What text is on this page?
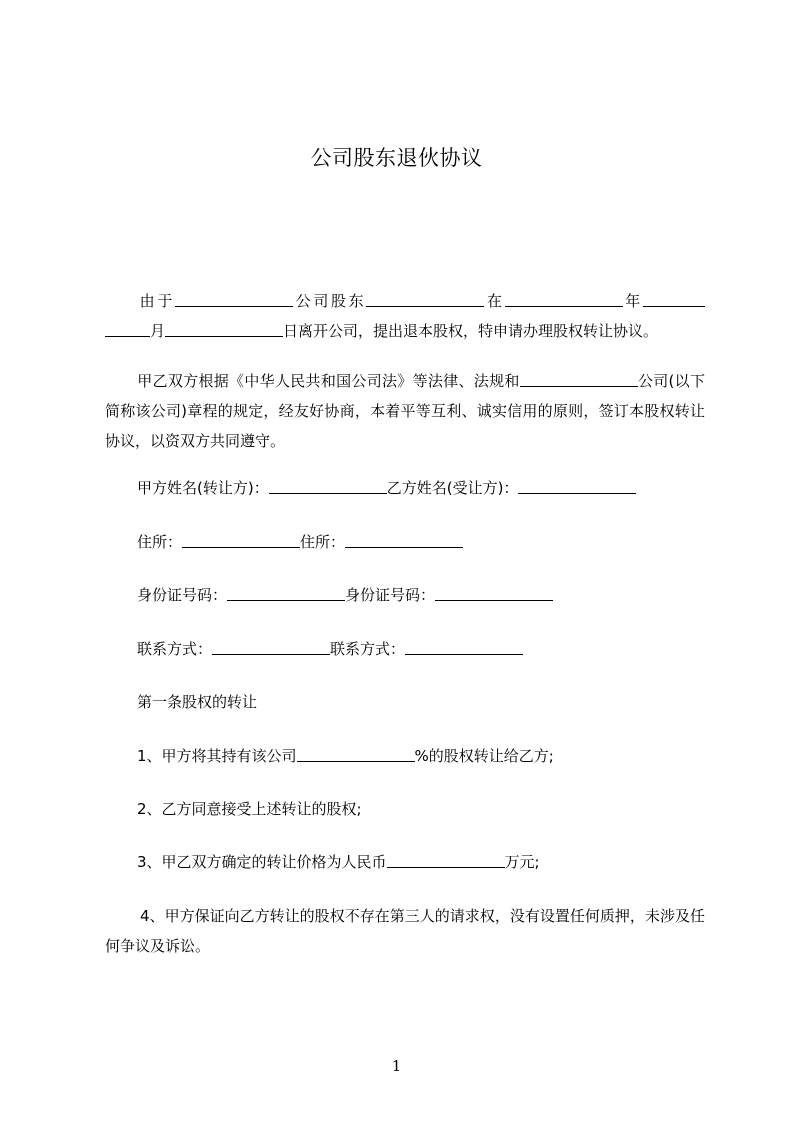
公司股东退伙协议
由于	公司股东	在	年月	日离开公司，提出退本股权，特申请办理股权转让协议。
甲乙双方根据《中华人民共和国公司法》等法律、法规和	公司(以下简称该公司)章程的规定，经友好协商，本着平等互利、诚实信用的原则，签订本股权转让协议，以资双方共同遵守。
甲方姓名(转让方)：	乙方姓名(受让方)：
住所：	住所：
身份证号码：	身份证号码：
联系方式：	联系方式：
第一条股权的转让
1、甲方将其持有该公司	%的股权转让给乙方;
2、乙方同意接受上述转让的股权;
3、甲乙双方确定的转让价格为人民币	万元;
4、甲方保证向乙方转让的股权不存在第三人的请求权，没有设置任何质押，未涉及任何争议及诉讼。
1
